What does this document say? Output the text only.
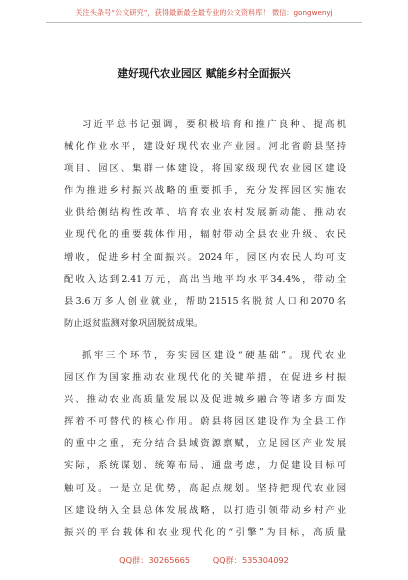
关注头条号“公文研究”，获得最新最全最专业的公文资料库！ 微信：gongwenyj
建好现代农业园区 赋能乡村全面振兴
习近平总书记强调，要积极培育和推广良种、提高机
械化作业水平，建设好现代农业产业园。河北省蔚县坚持
项目、园区、集群一体建设，将国家级现代农业园区建设
作为推进乡村振兴战略的重要抓手，充分发挥园区实施农
业供给侧结构性改革、培育农业农村发展新动能、推动农
业现代化的重要载体作用，辐射带动全县农业升级、农民
增收，促进乡村全面振兴。2024年，园区内农民人均可支
配收入达到2.41万元，高出当地平均水平34.4%，带动全
县3.6万多人创业就业，帮助21515名脱贫人口和2070名
防止返贫监测对象巩固脱贫成果。
抓牢三个环节，夯实园区建设“硬基础”。现代农业
园区作为国家推动农业现代化的关键举措，在促进乡村振
兴、推动农业高质量发展以及促进城乡融合等诸多方面发
挥着不可替代的核心作用。蔚县将园区建设作为全县工作
的重中之重，充分结合县域资源禀赋，立足园区产业发展
实际，系统谋划、统筹布局、通盘考虑，力促建设目标可
触可及。一是立足优势，高起点规划。坚持把现代农业园
区建设纳入全县总体发展战略，以打造引领带动乡村产业
振兴的平台载体和农业现代化的“引擎”为目标，高质量
QQ群：30265665	QQ群：535304092
